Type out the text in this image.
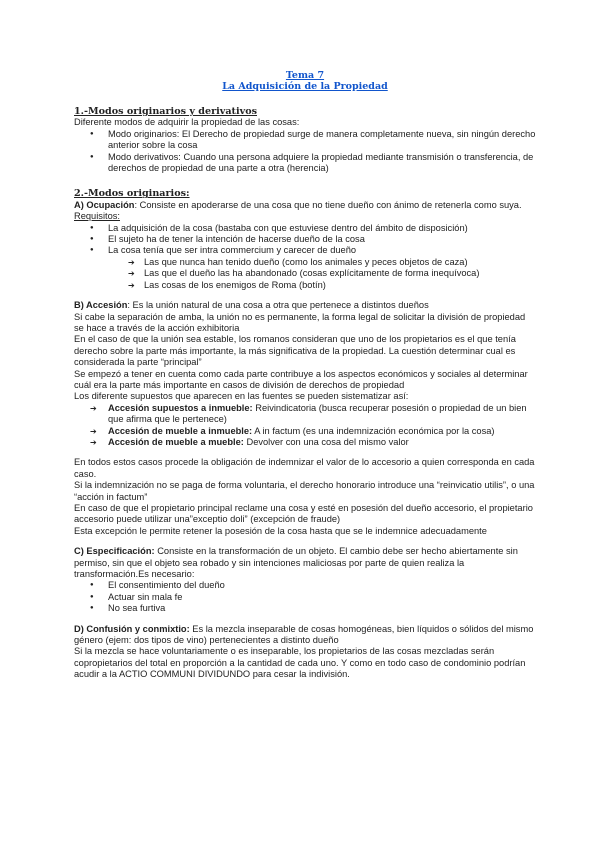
Tema 7
La Adquisición de la Propiedad
1.-Modos originarios y derivativos

Diferente modos de adquirir la propiedad de las cosas:

● Modo originarios: El Derecho de propiedad surge de manera completamente nueva, sin ningún derecho anterior sobre la cosa
● Modo derivativos: Cuando una persona adquiere la propiedad mediante transmisión o transferencia, de derechos de propiedad de una parte a otra (herencia)
2.-Modos originarios:

A) Ocupación: Consiste en apoderarse de una cosa que no tiene dueño con ánimo de retenerla como suya.

Requisitos:

● La adquisición de la cosa (bastaba con que estuviese dentro del ámbito de disposición)
● El sujeto ha de tener la intención de hacerse dueño de la cosa
● La cosa tenía que ser intra commercium y carecer de dueño
➔ Las que nunca han tenido dueño (como los animales y peces objetos de caza)
➔ Las que el dueño las ha abandonado (cosas explícitamente de forma inequívoca)
➔ Las cosas de los enemigos de Roma (botín)

B) Accesión: Es la unión natural de una cosa a otra que pertenece a distintos dueños

Si cabe la separación de amba, la unión no es permanente, la forma legal de solicitar la división de propiedad se hace a través de la acción exhibitoria

En el caso de que la unión sea estable, los romanos consideran que uno de los propietarios es el que tenía derecho sobre la parte más importante, la más significativa de la propiedad. La cuestión determinar cual es considerada la parte “principal”

Se empezó a tener en cuenta como cada parte contribuye a los aspectos económicos y sociales al determinar cuál era la parte más importante en casos de división de derechos de propiedad

Los diferente supuestos que aparecen en las fuentes se pueden sistematizar así:

➔ Accesión supuestos a inmueble: Reivindicatoria (busca recuperar posesión o propiedad de un bien que afirma que le pertenece)
➔ Accesión de mueble a inmueble: A in factum (es una indemnización económica por la cosa)
➔ Accesión de mueble a mueble: Devolver con una cosa del mismo valor

En todos estos casos procede la obligación de indemnizar el valor de lo accesorio a quien corresponda en cada caso.

Si la indemnización no se paga de forma voluntaria, el derecho honorario introduce una “reinvicatio utilis”, o una “acción in factum”

En caso de que el propietario principal reclame una cosa y esté en posesión del dueño accesorio, el propietario accesorio puede utilizar una”exceptio doli” (excepción de fraude)

Esta excepción le permite retener la posesión de la cosa hasta que se le indemnice adecuadamente

C) Especificación: Consiste en la transformación de un objeto. El cambio debe ser hecho abiertamente sin permiso, sin que el objeto sea robado y sin intenciones maliciosas por parte de quien realiza la transformación.Es necesario:

● El consentimiento del dueño
● Actuar sin mala fe
● No sea furtiva

D) Confusión y conmixtio: Es la mezcla inseparable de cosas homogéneas, bien líquidos o sólidos del mismo género (ejem: dos tipos de vino) pertenecientes a distinto dueño

Si la mezcla se hace voluntariamente o es inseparable, los propietarios de las cosas mezcladas serán copropietarios del total en proporción a la cantidad de cada uno. Y como en todo caso de condominio podrían acudir a la ACTIO COMMUNI DIVIDUNDO para cesar la indivisión.
